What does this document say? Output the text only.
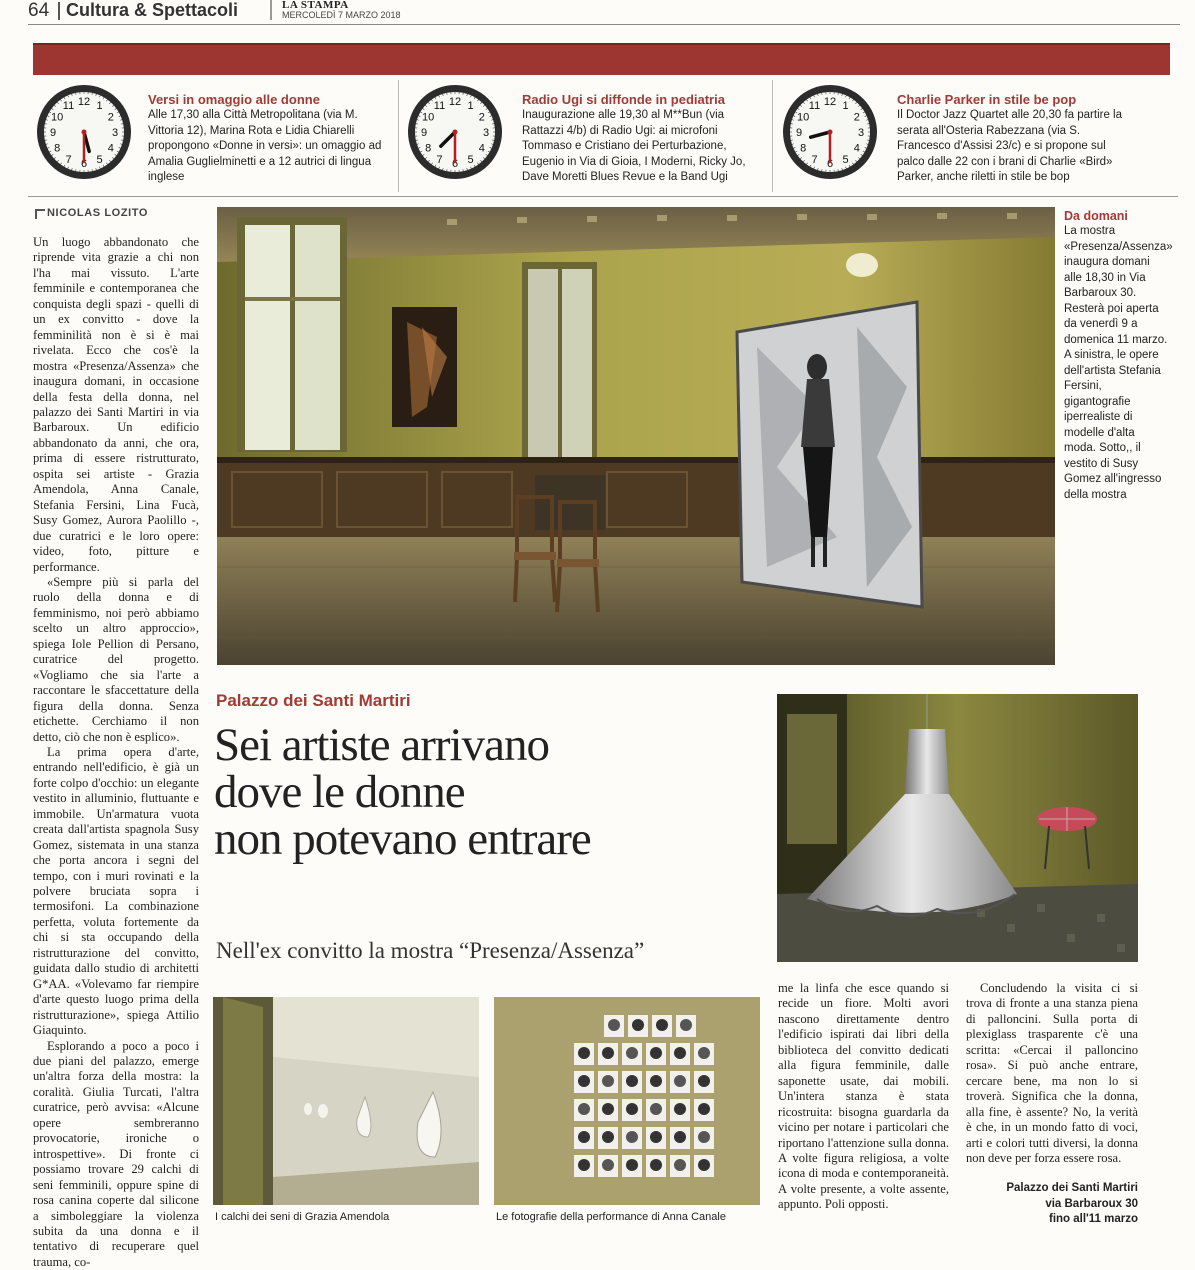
64 Cultura & Spettacoli	LA STAMPA
MERCOLEDÌ 7 MARZO 2018
1
2
3
4
5
6
7
8
9
10
11 12	Versi in omaggio alle donne
Alle 17,30 alla Città Metropolitana (via M. Vittoria 12), Marina Rota e Lidia Chiarelli propongono «Donne in versi»: un omaggio ad Amalia Guglielminetti e a 12 autrici di lingua inglese
1
2
3
4
5
6
7
8
9
10
11 12	Radio Ugi si diffonde in pediatria
Inaugurazione alle 19,30 al M**Bun (via Rattazzi 4/b) di Radio Ugi: ai microfoni Tommaso e Cristiano dei Perturbazione, Eugenio in Via di Gioia, I Moderni, Ricky Jo, Dave Moretti Blues Revue e la Band Ugi
1
2
3
4
5
6
7
8
9
10
11 12	Charlie Parker in stile be pop
Il Doctor Jazz Quartet alle 20,30 fa partire la serata all'Osteria Rabezzana (via S. Francesco d'Assisi 23/c) e si propone sul palco dalle 22 con i brani di Charlie «Bird» Parker, anche riletti in stile be bop
NICOLAS LOZITO	Da domani
La mostra «Presenza/Assenza» inaugura domani alle 18,30 in Via Barbaroux 30. Resterà poi aperta da venerdì 9 a domenica 11 marzo. A sinistra, le opere dell'artista Stefania Fersini, gigantografie iperrealiste di modelle d'alta moda. Sotto,, il vestito di Susy Gomez all'ingresso della mostra

Un luogo abbandonato che riprende vita grazie a chi non l'ha mai vissuto. L'arte femminile e contemporanea che conquista degli spazi - quelli di un ex convitto - dove la femminilità non è si è mai rivelata. Ecco che cos'è la mostra «Presenza/Assenza» che inaugura domani, in occasione della festa della donna, nel palazzo dei Santi Martiri in via Barbaroux. Un edificio abbandonato da anni, che ora, prima di essere ristrutturato, ospita sei artiste - Grazia Amendola, Anna Canale, Stefania Fersini, Lina Fucà, Susy Gomez, Aurora Paolillo -, due curatrici e le loro opere: video, foto, pitture e performance.

«Sempre più si parla del ruolo della donna e di femminismo, noi però abbiamo scelto un altro approccio», spiega Iole Pellion di Persano, curatrice del progetto. «Vogliamo che sia l'arte a raccontare le sfaccettature della figura della donna. Senza etichette. Cerchiamo il non detto, ciò che non è esplico».

La prima opera d'arte, entrando nell'edificio, è già un forte colpo d'occhio: un elegante vestito in alluminio, fluttuante e immobile. Un'armatura vuota creata dall'artista spagnola Susy Gomez, sistemata in una stanza che porta ancora i segni del tempo, con i muri rovinati e la polvere bruciata sopra i termosifoni. La combinazione perfetta, voluta fortemente da chi si sta occupando della ristrutturazione del convitto, guidata dallo studio di architetti G*AA. «Volevamo far riempire d'arte questo luogo prima della ristrutturazione», spiega Attilio Giaquinto.

Esplorando a poco a poco i due piani del palazzo, emerge un'altra forza della mostra: la coralità. Giulia Turcati, l'altra curatrice, però avvisa: «Alcune opere sembreranno provocatorie, ironiche o introspettive». Di fronte ci possiamo trovare 29 calchi di seni femminili, oppure spine di rosa canina coperte dal silicone a simboleggiare la violenza subita da una donna e il tentativo di recuperare quel trauma, co-

Palazzo dei Santi Martiri
Sei artiste arrivano
dove le donne
non potevano entrare
Nell'ex convitto la mostra “Presenza/Assenza”
I calchi dei seni di Grazia Amendola	Le fotografie della performance di Anna Canale

me la linfa che esce quando si recide un fiore. Molti avori nascono direttamente dentro l'edificio ispirati dai libri della biblioteca del convitto dedicati alla figura femminile, dalle saponette usate, dai mobili. Un'intera stanza è stata ricostruita: bisogna guardarla da vicino per notare i particolari che riportano l'attenzione sulla donna. A volte figura religiosa, a volte icona di moda e contemporaneità. A volte presente, a volte assente, appunto. Poli opposti.

Concludendo la visita ci si trova di fronte a una stanza piena di palloncini. Sulla porta di plexiglass trasparente c'è una scritta: «Cercai il palloncino rosa». Si può anche entrare, cercare bene, ma non lo si troverà. Significa che la donna, alla fine, è assente? No, la verità è che, in un mondo fatto di voci, arti e colori tutti diversi, la donna non deve per forza essere rosa.

Palazzo dei Santi Martiri
via Barbaroux 30
fino all'11 marzo
